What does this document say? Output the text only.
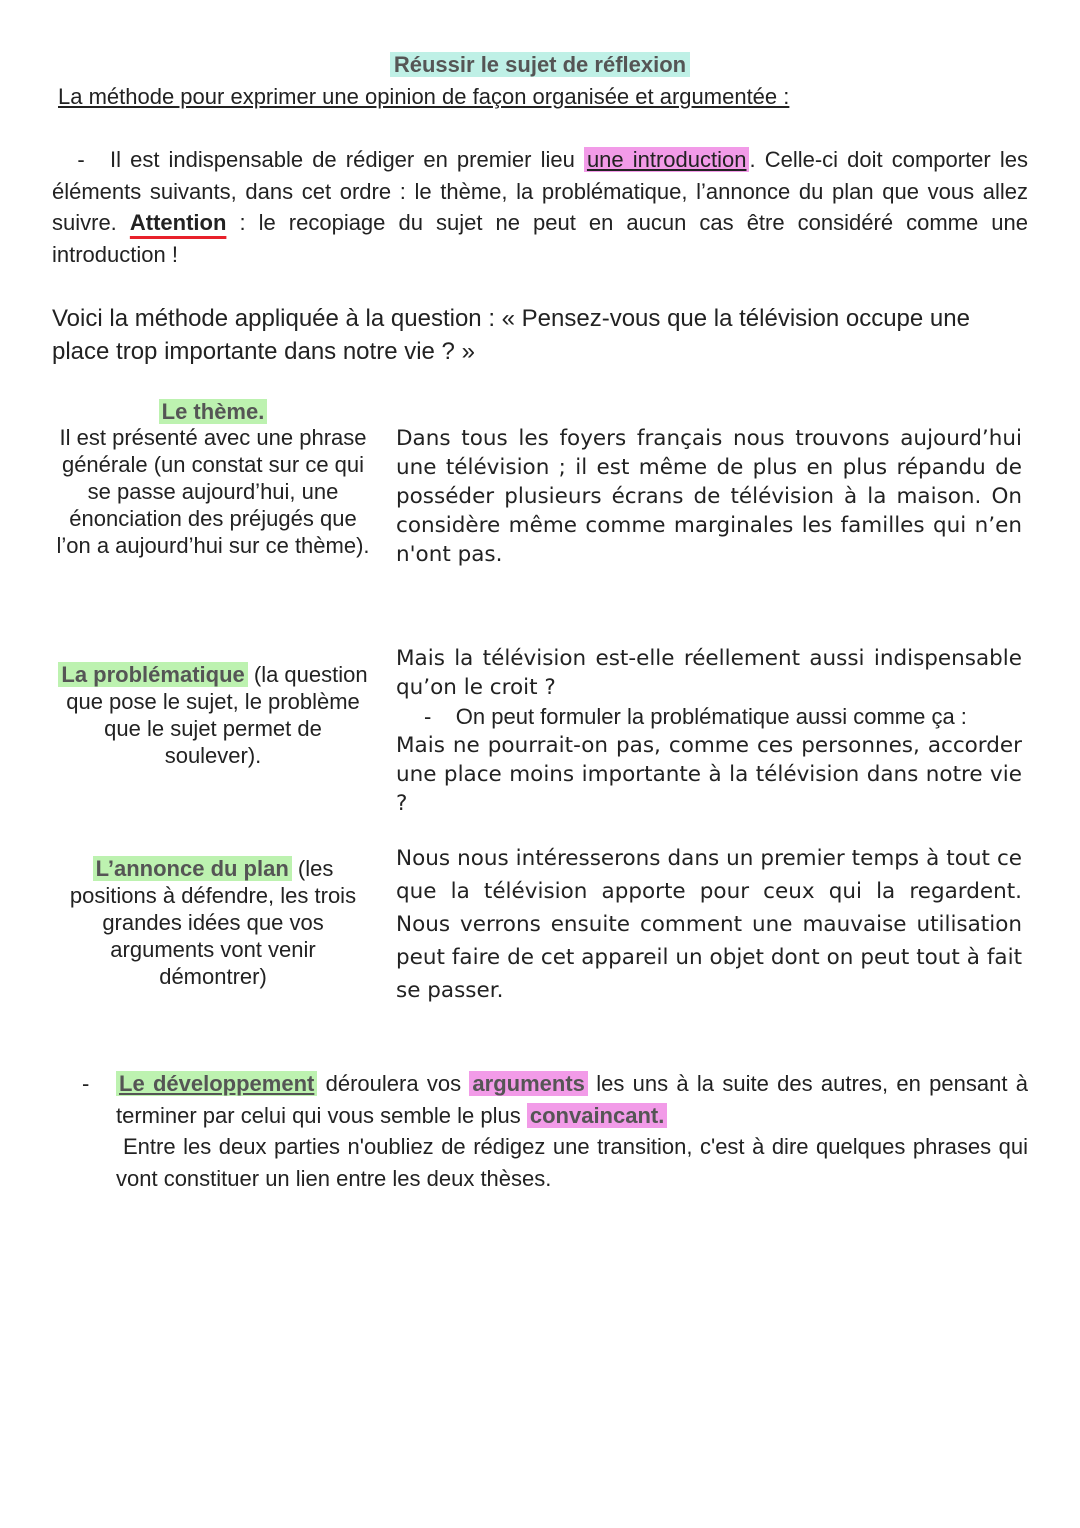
Réussir le sujet de réflexion
La méthode pour exprimer une opinion de façon organisée et argumentée :
- Il est indispensable de rédiger en premier lieu une introduction . Celle-ci doit comporter les éléments suivants, dans cet ordre : le thème, la problématique, l’annonce du plan que vous allez suivre. Attention : le recopiage du sujet ne peut en aucun cas être considéré comme une introduction !
Voici la méthode appliquée à la question : « Pensez-vous que la télévision occupe une place trop importante dans notre vie ? »
Le thème.
Il est présenté avec une phrase générale (un constat sur ce qui se passe aujourd’hui, une énonciation des préjugés que l’on a aujourd’hui sur ce thème).
Dans tous les foyers français nous trouvons aujourd’hui une télévision ; il est même de plus en plus répandu de posséder plusieurs écrans de télévision à la maison. On considère même comme marginales les familles qui n’en n'ont pas.
La problématique (la question que pose le sujet, le problème que le sujet permet de soulever).
Mais la télévision est-elle réellement aussi indispensable qu’on le croit ?
- On peut formuler la problématique aussi comme ça :
Mais ne pourrait-on pas, comme ces personnes, accorder une place moins importante à la télévision dans notre vie ?
L’annonce du plan (les positions à défendre, les trois grandes idées que vos arguments vont venir démontrer)
Nous nous intéresserons dans un premier temps à tout ce que la télévision apporte pour ceux qui la regardent. Nous verrons ensuite comment une mauvaise utilisation peut faire de cet appareil un objet dont on peut tout à fait se passer.
- Le développement déroulera vos arguments les uns à la suite des autres, en pensant à terminer par celui qui vous semble le plus convaincant.
Entre les deux parties n'oubliez de rédigez une transition, c'est à dire quelques phrases qui vont constituer un lien entre les deux thèses.
